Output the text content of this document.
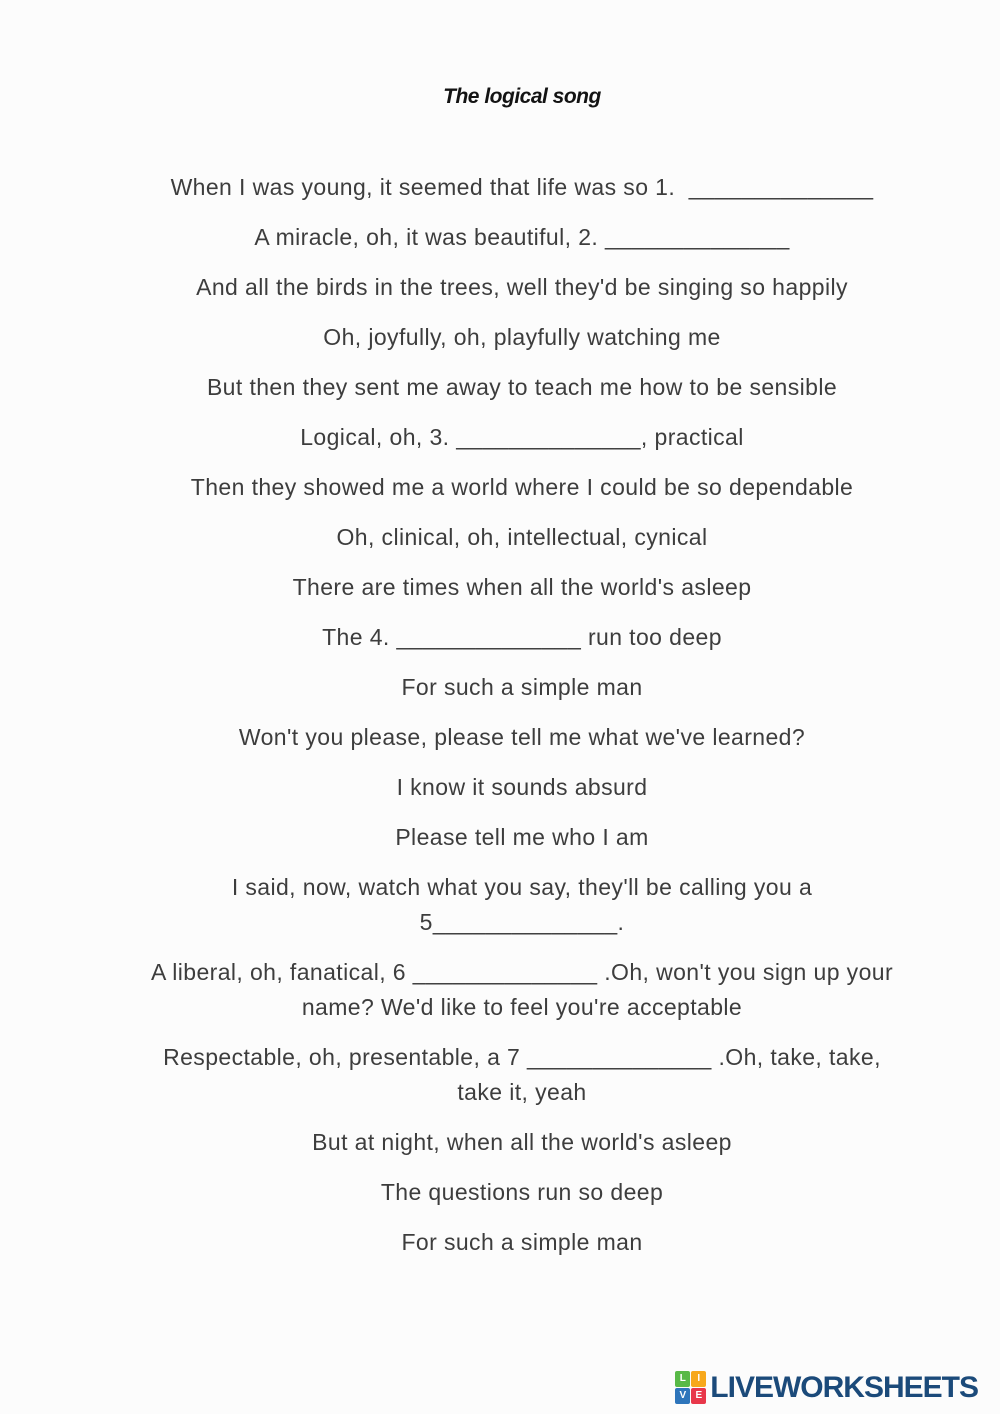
The logical song
When I was young, it seemed that life was so 1.  ______________
A miracle, oh, it was beautiful, 2. ______________
And all the birds in the trees, well they'd be singing so happily
Oh, joyfully, oh, playfully watching me
But then they sent me away to teach me how to be sensible
Logical, oh, 3. ______________, practical
Then they showed me a world where I could be so dependable
Oh, clinical, oh, intellectual, cynical
There are times when all the world's asleep
The 4. ______________ run too deep
For such a simple man
Won't you please, please tell me what we've learned?
I know it sounds absurd
Please tell me who I am
I said, now, watch what you say, they'll be calling you a
5______________.
A liberal, oh, fanatical, 6 ______________ .Oh, won't you sign up your
name? We'd like to feel you're acceptable
Respectable, oh, presentable, a 7 ______________ .Oh, take, take,
take it, yeah
But at night, when all the world's asleep
The questions run so deep
For such a simple man
L	I
V E LIVEWORKSHEETS
